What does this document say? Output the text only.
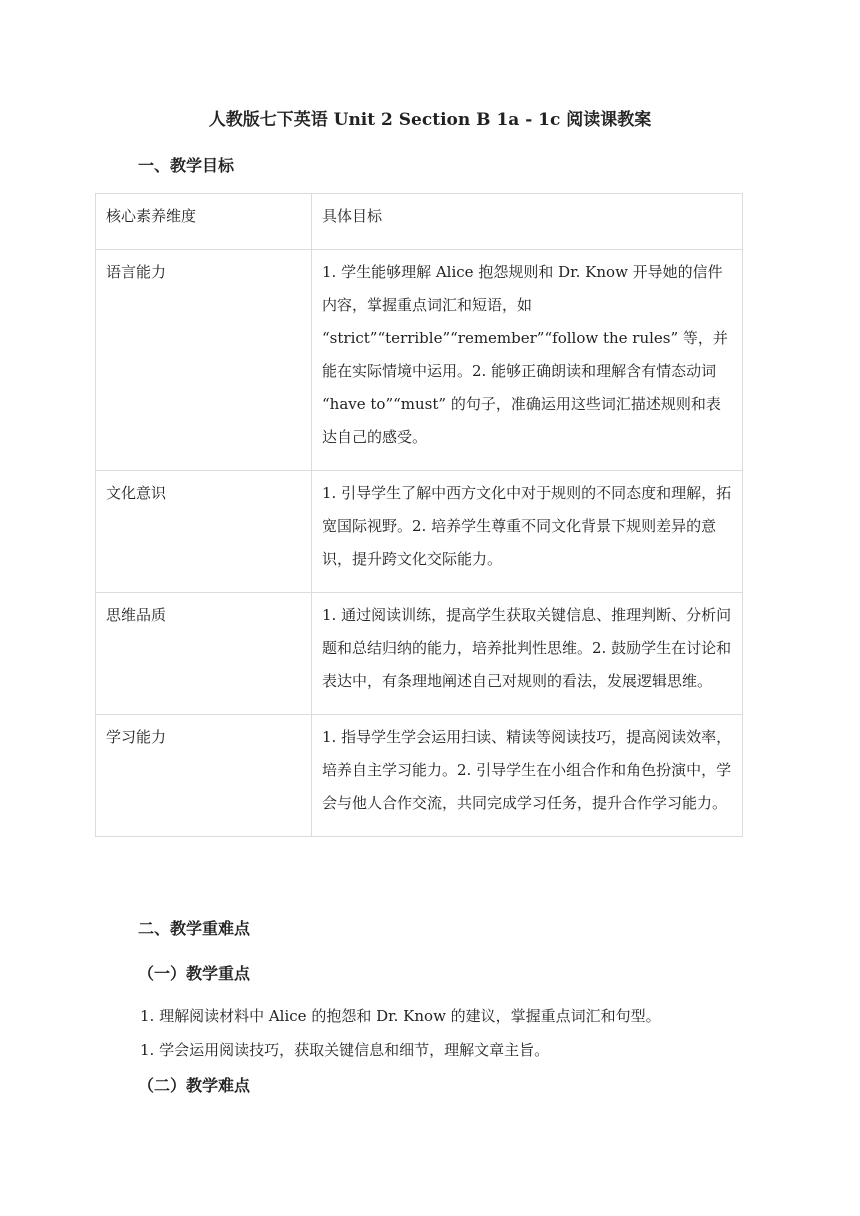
人教版七下英语 Unit 2 Section B 1a - 1c 阅读课教案
一、教学目标
核心素养维度	具体目标
语言能力	1. 学生能够理解 Alice 抱怨规则和 Dr. Know 开导她的信件内容，掌握重点词汇和短语，如 “strict”“terrible”“remember”“follow the rules” 等，并能在实际情境中运用。2. 能够正确朗读和理解含有情态动词 “have to”“must” 的句子，准确运用这些词汇描述规则和表达自己的感受。
文化意识	1. 引导学生了解中西方文化中对于规则的不同态度和理解，拓宽国际视野。2. 培养学生尊重不同文化背景下规则差异的意识，提升跨文化交际能力。
思维品质	1. 通过阅读训练，提高学生获取关键信息、推理判断、分析问题和总结归纳的能力，培养批判性思维。2. 鼓励学生在讨论和表达中，有条理地阐述自己对规则的看法，发展逻辑思维。
学习能力	1. 指导学生学会运用扫读、精读等阅读技巧，提高阅读效率，培养自主学习能力。2. 引导学生在小组合作和角色扮演中，学会与他人合作交流，共同完成学习任务，提升合作学习能力。
二、教学重难点
（一）教学重点
1. 理解阅读材料中 Alice 的抱怨和 Dr. Know 的建议，掌握重点词汇和句型。
1. 学会运用阅读技巧，获取关键信息和细节，理解文章主旨。
（二）教学难点
